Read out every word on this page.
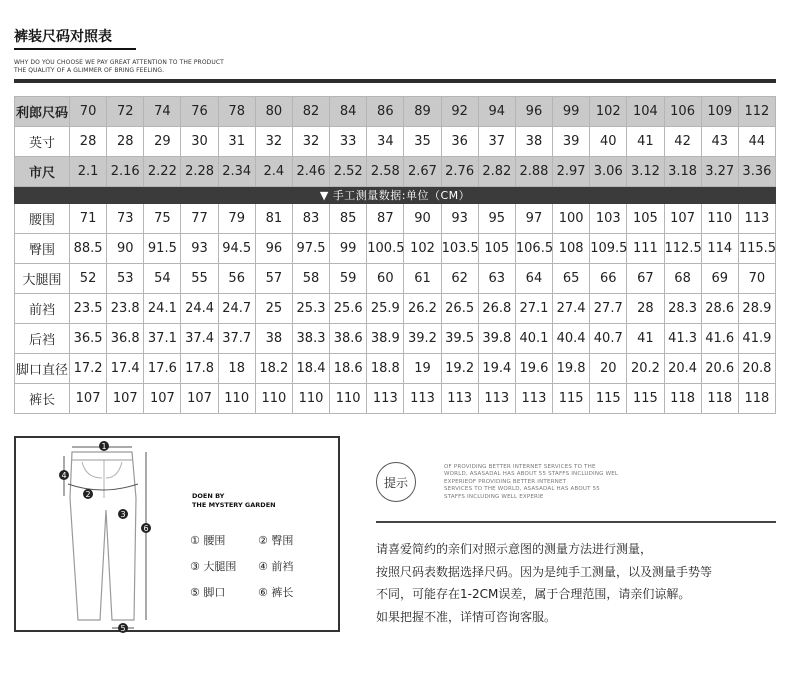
裤装尺码对照表
WHY DO YOU CHOOSE WE PAY GREAT ATTENTION TO THE PRODUCT
THE QUALITY OF A GLIMMER OF BRING FEELING.
利郎尺码	70	72	74	76	78	80	82	84	86	89	92	94	96	99	102	104	106	109	112
英寸	28	28	29	30	31	32	32	33	34	35	36	37	38	39	40	41	42	43	44
市尺	2.1	2.16	2.22	2.28	2.34	2.4	2.46	2.52	2.58	2.67	2.76	2.82	2.88	2.97	3.06	3.12	3.18	3.27	3.36
▼ 手工测量数据:单位（CM）																			
腰围	71	73	75	77	79	81	83	85	87	90	93	95	97	100	103	105	107	110	113
臀围	88.5	90	91.5	93	94.5	96	97.5	99	100.5	102	103.5	105	106.5	108	109.5	111	112.5	114	115.5
大腿围	52	53	54	55	56	57	58	59	60	61	62	63	64	65	66	67	68	69	70
前裆	23.5	23.8	24.1	24.4	24.7	25	25.3	25.6	25.9	26.2	26.5	26.8	27.1	27.4	27.7	28	28.3	28.6	28.9
后裆	36.5	36.8	37.1	37.4	37.7	38	38.3	38.6	38.9	39.2	39.5	39.8	40.1	40.4	40.7	41	41.3	41.6	41.9
脚口直径	17.2	17.4	17.6	17.8	18	18.2	18.4	18.6	18.8	19	19.2	19.4	19.6	19.8	20	20.2	20.4	20.6	20.8
裤长	107	107	107	107	110	110	110	110	113	113	113	113	113	115	115	115	118	118	118
1
4
2
3
6
5
DOEN BY
THE MYSTERY GARDEN
① 腰围	② 臀围
③ 大腿围 ④ 前裆
⑤ 脚口	⑥ 裤长
提示
OF PROVIDING BETTER INTERNET SERVICES TO THE
WORLD, ASASADAL HAS ABOUT 55 STAFFS INCLUDING WEL
EXPERIEOF PROVIDING BETTER INTERNET
SERVICES TO THE WORLD, ASASADAL HAS ABOUT 55
STAFFS INCLUDING WELL EXPERIE
请喜爱简约的亲们对照示意图的测量方法进行测量，
按照尺码表数据选择尺码。因为是纯手工测量，以及测量手势等
不同，可能存在1-2CM误差，属于合理范围，请亲们谅解。
如果把握不准，详情可咨询客服。
